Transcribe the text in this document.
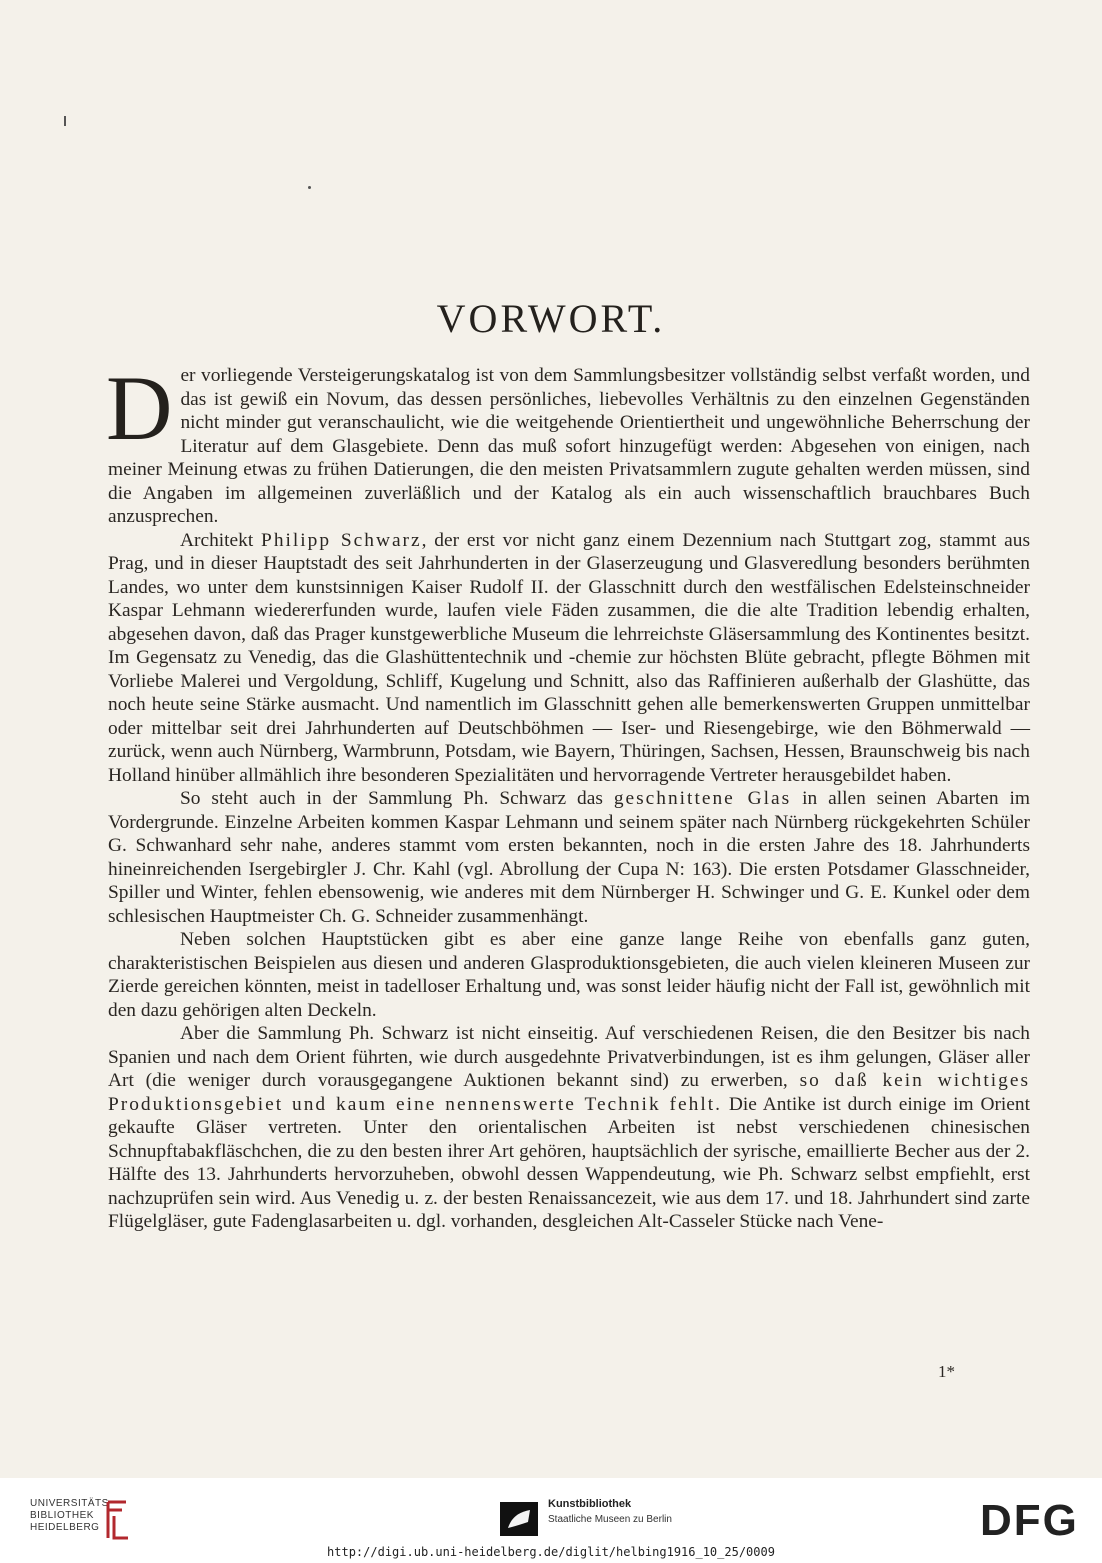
VORWORT.

Der vorliegende Versteigerungskatalog ist von dem Sammlungsbesitzer vollständig selbst verfaßt worden, und das ist gewiß ein Novum, das dessen persönliches, liebevolles Verhältnis zu den einzelnen Gegenständen nicht minder gut veranschaulicht, wie die weitgehende Orientiertheit und ungewöhnliche Beherrschung der Literatur auf dem Glasgebiete. Denn das muß sofort hinzugefügt werden: Abgesehen von einigen, nach meiner Meinung etwas zu frühen Datierungen, die den meisten Privatsammlern zugute gehalten werden müssen, sind die Angaben im allgemeinen zuverläßlich und der Katalog als ein auch wissenschaftlich brauchbares Buch anzusprechen.

Architekt Philipp Schwarz, der erst vor nicht ganz einem Dezennium nach Stuttgart zog, stammt aus Prag, und in dieser Hauptstadt des seit Jahrhunderten in der Glaserzeugung und Glasveredlung besonders berühmten Landes, wo unter dem kunstsinnigen Kaiser Rudolf II. der Glasschnitt durch den westfälischen Edelsteinschneider Kaspar Lehmann wiedererfunden wurde, laufen viele Fäden zusammen, die die alte Tradition lebendig erhalten, abgesehen davon, daß das Prager kunstgewerbliche Museum die lehrreichste Gläsersammlung des Kontinentes besitzt. Im Gegensatz zu Venedig, das die Glashüttentechnik und -chemie zur höchsten Blüte gebracht, pflegte Böhmen mit Vorliebe Malerei und Vergoldung, Schliff, Kugelung und Schnitt, also das Raffinieren außerhalb der Glashütte, das noch heute seine Stärke ausmacht. Und namentlich im Glasschnitt gehen alle bemerkenswerten Gruppen unmittelbar oder mittelbar seit drei Jahrhunderten auf Deutschböhmen — Iser- und Riesengebirge, wie den Böhmerwald — zurück, wenn auch Nürnberg, Warmbrunn, Potsdam, wie Bayern, Thüringen, Sachsen, Hessen, Braunschweig bis nach Holland hinüber allmählich ihre besonderen Spezialitäten und hervorragende Vertreter herausgebildet haben.

So steht auch in der Sammlung Ph. Schwarz das geschnittene Glas in allen seinen Abarten im Vordergrunde. Einzelne Arbeiten kommen Kaspar Lehmann und seinem später nach Nürnberg rückgekehrten Schüler G. Schwanhard sehr nahe, anderes stammt vom ersten bekannten, noch in die ersten Jahre des 18. Jahrhunderts hineinreichenden Isergebirgler J. Chr. Kahl (vgl. Abrollung der Cupa N: 163). Die ersten Potsdamer Glasschneider, Spiller und Winter, fehlen ebensowenig, wie anderes mit dem Nürnberger H. Schwinger und G. E. Kunkel oder dem schlesischen Hauptmeister Ch. G. Schneider zusammenhängt.

Neben solchen Hauptstücken gibt es aber eine ganze lange Reihe von ebenfalls ganz guten, charakteristischen Beispielen aus diesen und anderen Glasproduktionsgebieten, die auch vielen kleineren Museen zur Zierde gereichen könnten, meist in tadelloser Erhaltung und, was sonst leider häufig nicht der Fall ist, gewöhnlich mit den dazu gehörigen alten Deckeln.

Aber die Sammlung Ph. Schwarz ist nicht einseitig. Auf verschiedenen Reisen, die den Besitzer bis nach Spanien und nach dem Orient führten, wie durch ausgedehnte Privatverbindungen, ist es ihm gelungen, Gläser aller Art (die weniger durch vorausgegangene Auktionen bekannt sind) zu erwerben, so daß kein wichtiges Produktionsgebiet und kaum eine nennenswerte Technik fehlt. Die Antike ist durch einige im Orient gekaufte Gläser vertreten. Unter den orientalischen Arbeiten ist nebst verschiedenen chinesischen Schnupftabakfläschchen, die zu den besten ihrer Art gehören, hauptsächlich der syrische, emaillierte Becher aus der 2. Hälfte des 13. Jahrhunderts hervorzuheben, obwohl dessen Wappendeutung, wie Ph. Schwarz selbst empfiehlt, erst nachzuprüfen sein wird. Aus Venedig u. z. der besten Renaissancezeit, wie aus dem 17. und 18. Jahrhundert sind zarte Flügelgläser, gute Fadenglasarbeiten u. dgl. vorhanden, desgleichen Alt-Casseler Stücke nach Vene-

1*
UNIVERSITÄTS-
BIBLIOTHEK
HEIDELBERG
Kunstbibliothek
Staatliche Museen zu Berlin	DFG
http://digi.ub.uni-heidelberg.de/diglit/helbing1916_10_25/0009
